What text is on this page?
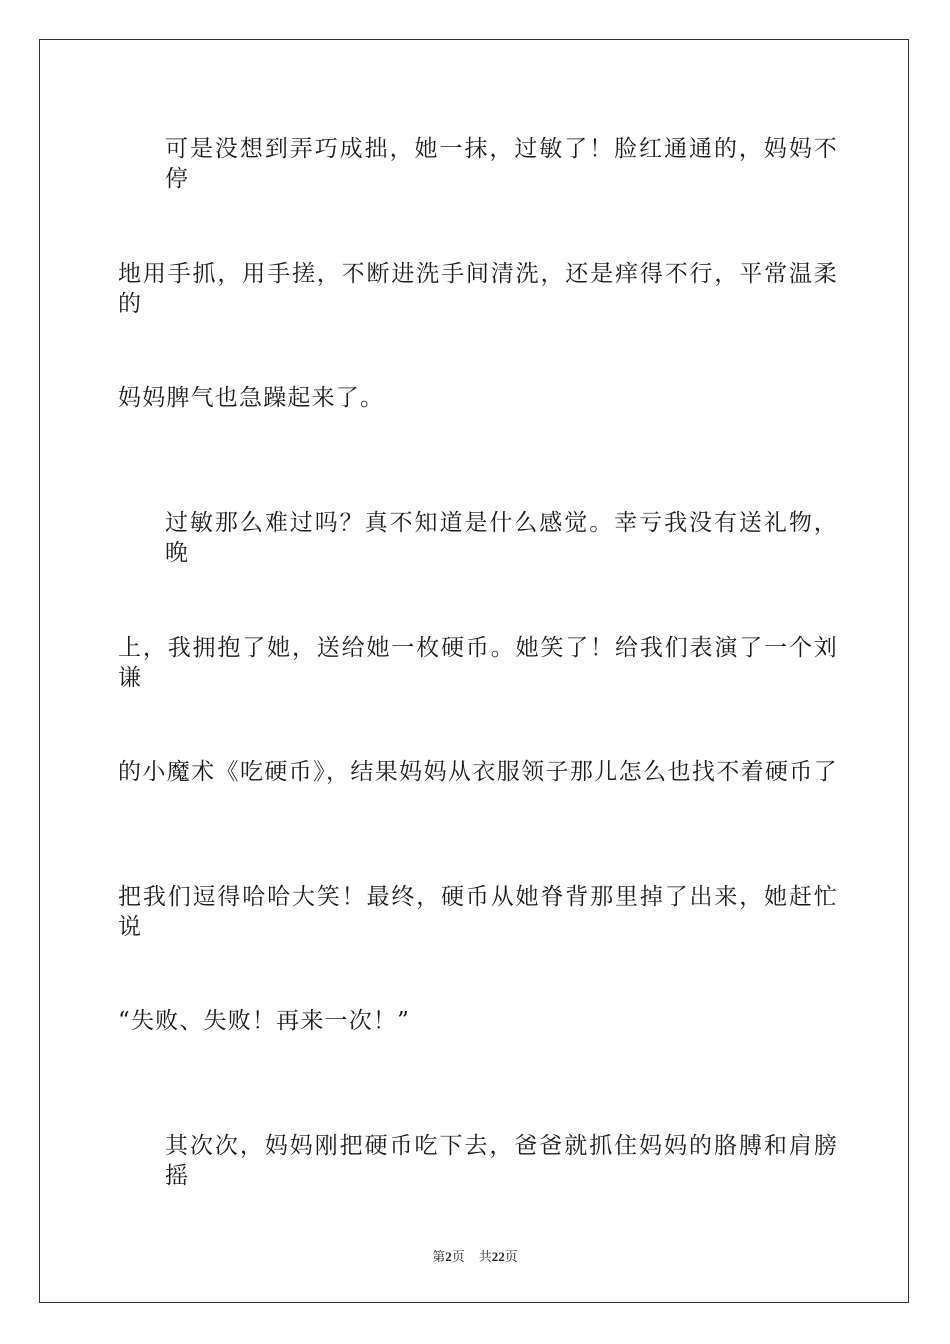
可是没想到弄巧成拙，她一抹，过敏了！脸红通通的，妈妈不停
地用手抓，用手搓，不断进洗手间清洗，还是痒得不行，平常温柔的
妈妈脾气也急躁起来了。
过敏那么难过吗？真不知道是什么感觉。幸亏我没有送礼物，晚
上，我拥抱了她，送给她一枚硬币。她笑了！给我们表演了一个刘谦
的小魔术《吃硬币》，结果妈妈从衣服领子那儿怎么也找不着硬币了
把我们逗得哈哈大笑！最终，硬币从她脊背那里掉了出来，她赶忙说
“失败、失败！再来一次！”
其次次，妈妈刚把硬币吃下去，爸爸就抓住妈妈的胳膊和肩膀摇
第2页 共22页
